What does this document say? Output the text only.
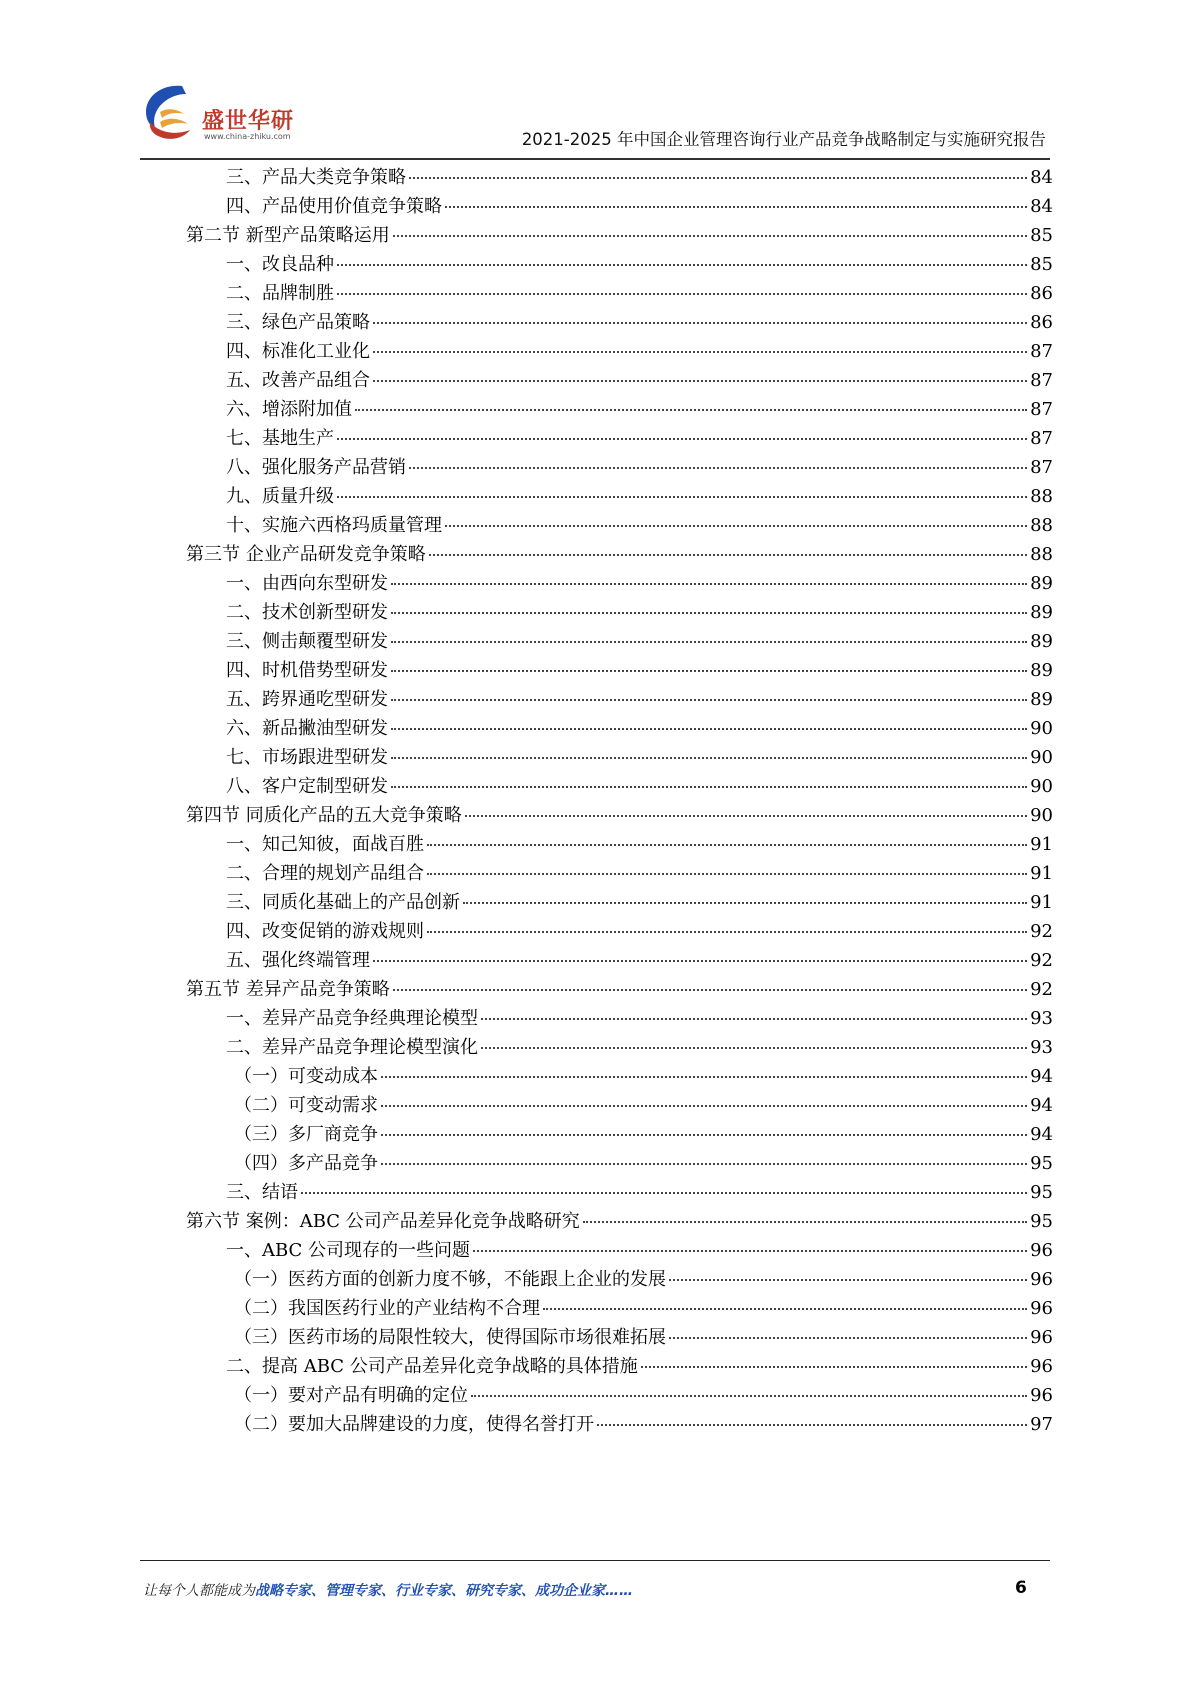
盛世华研
www.china-zhiku.com	2021-2025 年中国企业管理咨询行业产品竞争战略制定与实施研究报告
三、产品大类竞争策略	84
四、产品使用价值竞争策略	84
第二节 新型产品策略运用	85
一、改良品种	85
二、品牌制胜	86
三、绿色产品策略	86
四、标准化工业化	87
五、改善产品组合	87
六、增添附加值	87
七、基地生产	87
八、强化服务产品营销	87
九、质量升级	88
十、实施六西格玛质量管理	88
第三节 企业产品研发竞争策略	88
一、由西向东型研发	89
二、技术创新型研发	89
三、侧击颠覆型研发	89
四、时机借势型研发	89
五、跨界通吃型研发	89
六、新品撇油型研发	90
七、市场跟进型研发	90
八、客户定制型研发	90
第四节 同质化产品的五大竞争策略	90
一、知己知彼，面战百胜	91
二、合理的规划产品组合	91
三、同质化基础上的产品创新	91
四、改变促销的游戏规则	92
五、强化终端管理	92
第五节 差异产品竞争策略	92
一、差异产品竞争经典理论模型	93
二、差异产品竞争理论模型演化	93
（一）可变动成本	94
（二）可变动需求	94
（三）多厂商竞争	94
（四）多产品竞争	95
三、结语	95
第六节 案例：ABC 公司产品差异化竞争战略研究	95
一、ABC 公司现存的一些问题	96
（一）医药方面的创新力度不够，不能跟上企业的发展	96
（二）我国医药行业的产业结构不合理	96
（三）医药市场的局限性较大，使得国际市场很难拓展	96
二、提高 ABC 公司产品差异化竞争战略的具体措施	96
（一）要对产品有明确的定位	96
（二）要加大品牌建设的力度，使得名誉打开	97
让每个人都能成为战略专家、管理专家、行业专家、研究专家、成功企业家……	6
